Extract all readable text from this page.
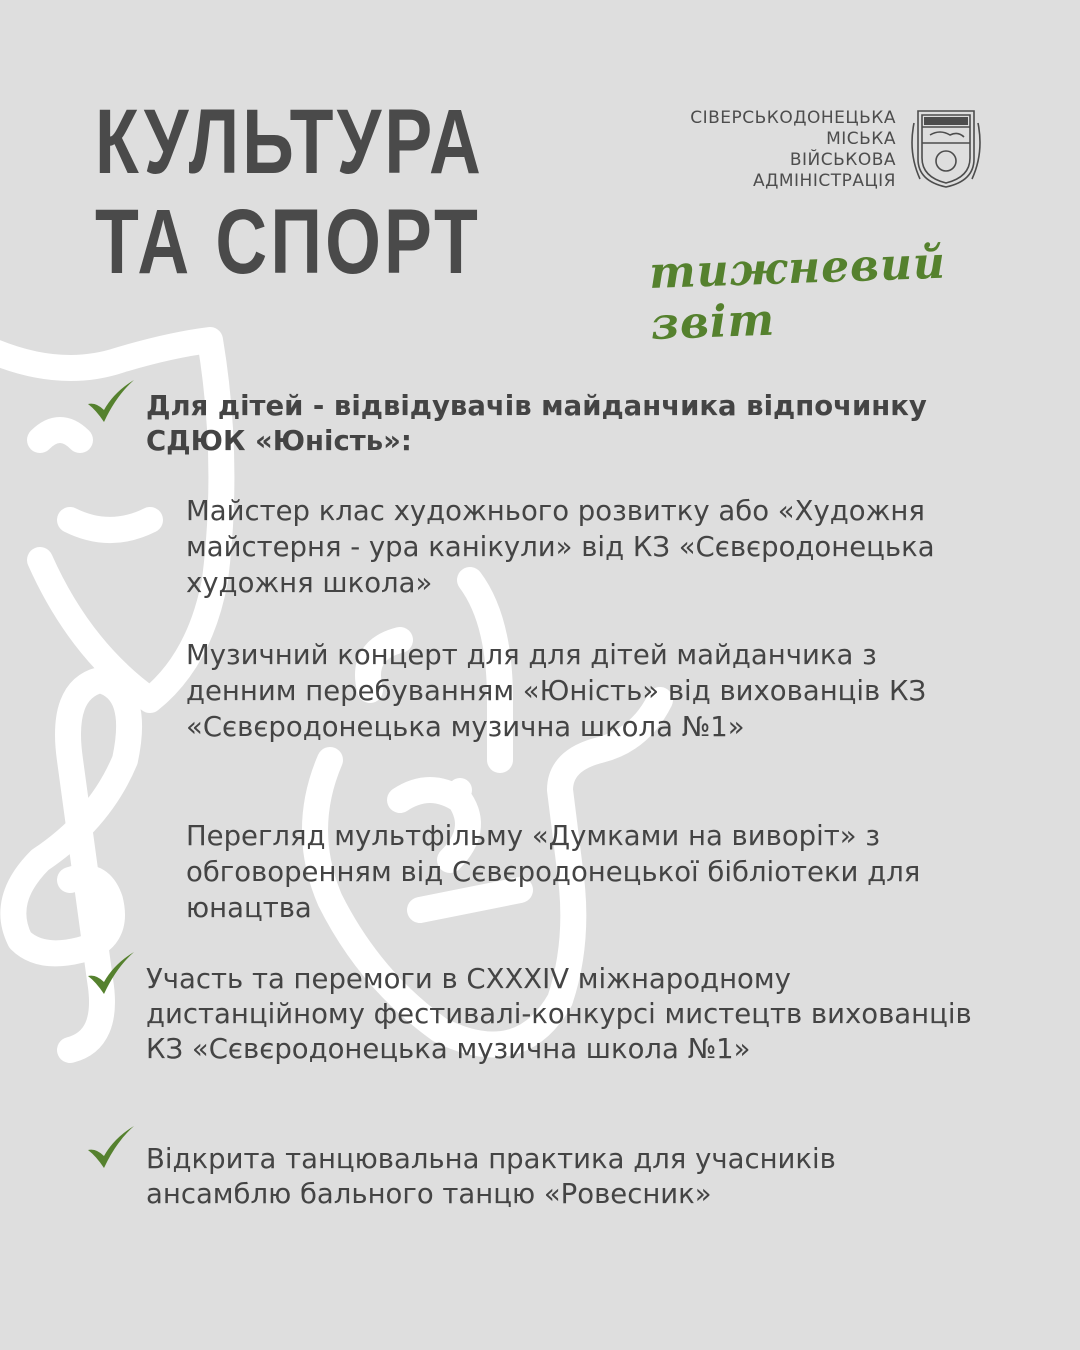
КУЛЬТУРА
ТА СПОРТ
СІВЕРСЬКОДОНЕЦЬКА
МІСЬКА
ВІЙСЬКОВА
АДМІНІСТРАЦІЯ
тижневий звіт
Для дітей - відвідувачів майданчика відпочинку СДЮК «Юність»:
Майстер клас художнього розвитку або «Художня майстерня - ура канікули» від КЗ «Сєвєродонецька художня школа»
Музичний концерт для для дітей майданчика з денним перебуванням «Юність» від вихованців КЗ «Сєвєродонецька музична школа №1»
Перегляд мультфільму «Думками на виворіт» з обговоренням від Сєвєродонецької бібліотеки для юнацтва
Участь та перемоги в CXXXIV міжнародному дистанційному фестивалі-конкурсі мистецтв вихованців КЗ «Сєвєродонецька музична школа №1»
Відкрита танцювальна практика для учасників ансамблю бального танцю «Ровесник»
